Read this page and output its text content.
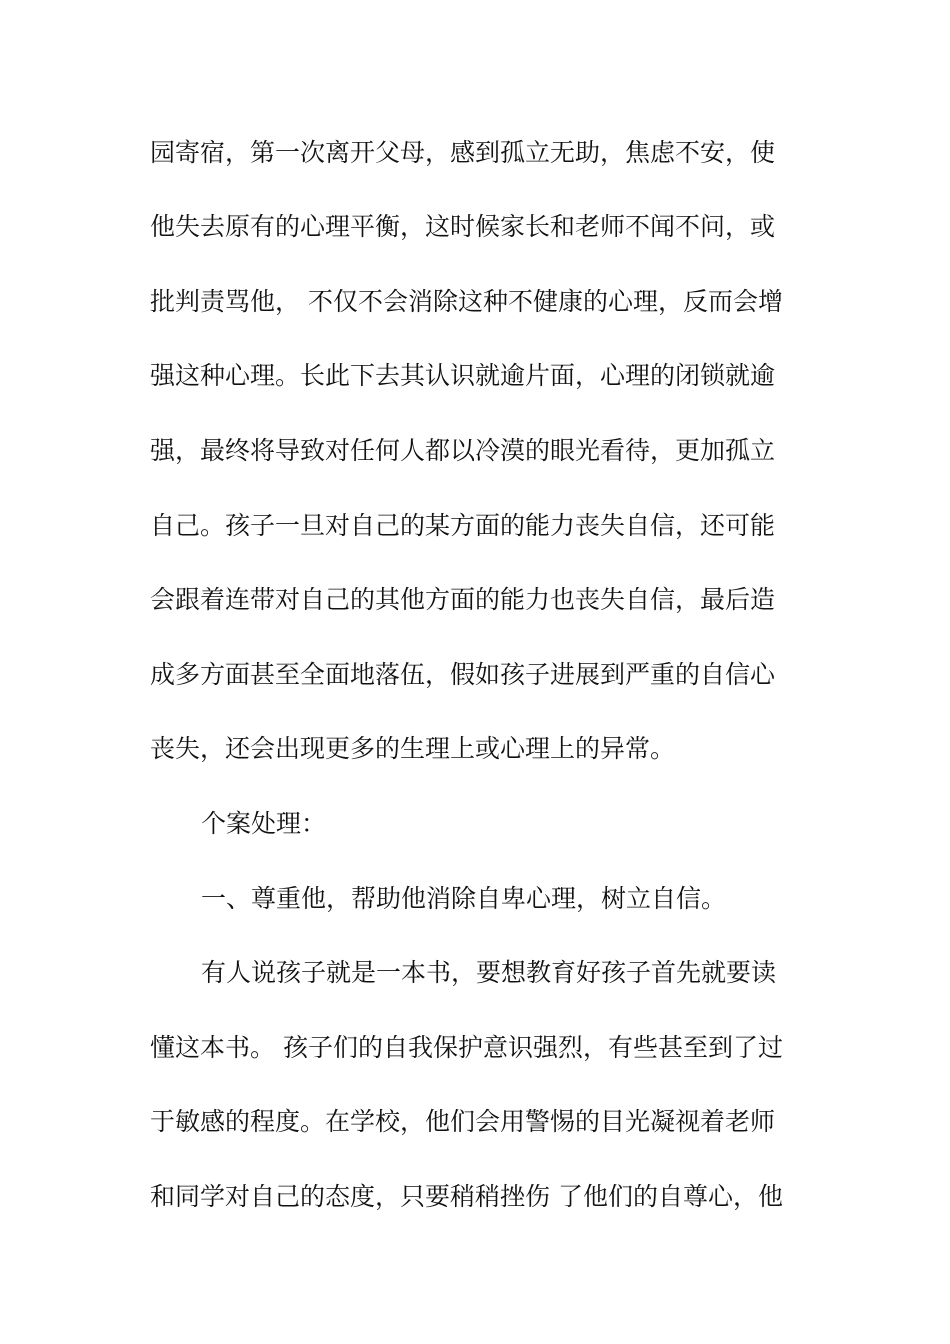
园寄宿，第一次离开父母，感到孤立无助，焦虑不安，使
他失去原有的心理平衡，这时候家长和老师不闻不问，或
批判责骂他， 不仅不会消除这种不健康的心理，反而会增
强这种心理。长此下去其认识就逾片面，心理的闭锁就逾
强，最终将导致对任何人都以冷漠的眼光看待，更加孤立
自己。孩子一旦对自己的某方面的能力丧失自信，还可能
会跟着连带对自己的其他方面的能力也丧失自信，最后造
成多方面甚至全面地落伍，假如孩子进展到严重的自信心
丧失，还会出现更多的生理上或心理上的异常。
个案处理：
一、尊重他，帮助他消除自卑心理，树立自信。
有人说孩子就是一本书，要想教育好孩子首先就要读
懂这本书。 孩子们的自我保护意识强烈，有些甚至到了过
于敏感的程度。在学校，他们会用警惕的目光凝视着老师
和同学对自己的态度，只要稍稍挫伤 了他们的自尊心，他
